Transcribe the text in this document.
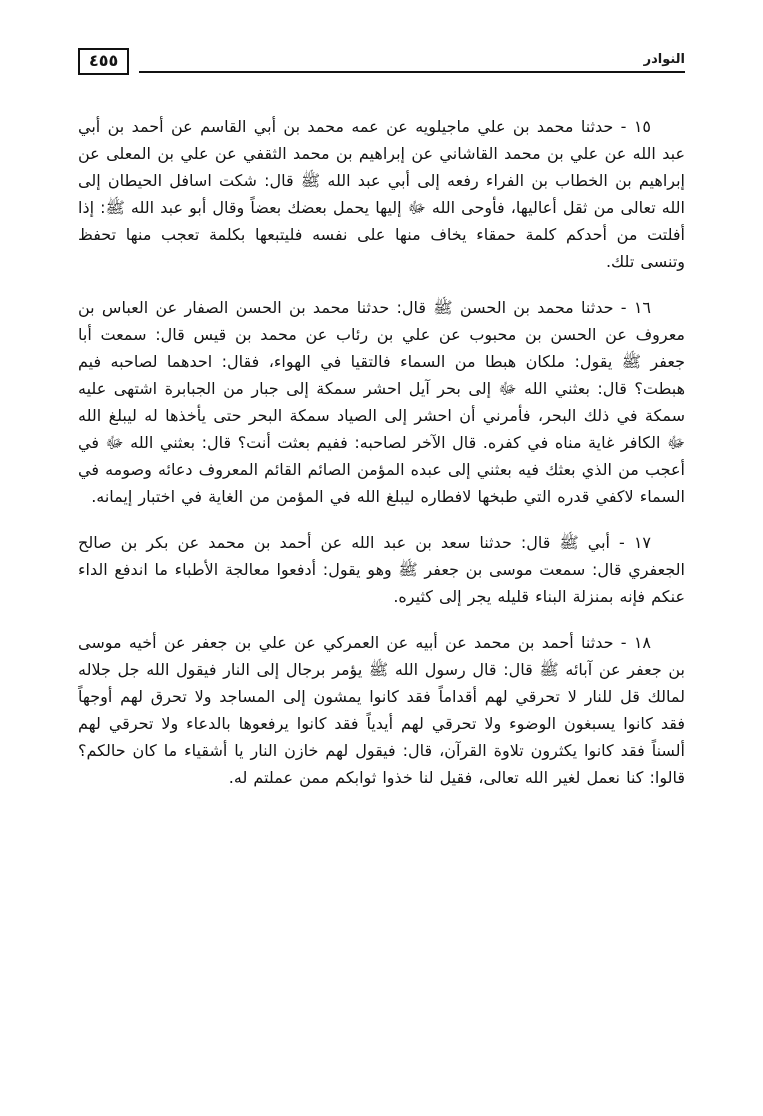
النوادر
٤٥٥

١٥ - حدثنا محمد بن علي ماجيلويه عن عمه محمد بن أبي القاسم عن أحمد بن أبي عبد الله عن علي بن محمد القاشاني عن إبراهيم بن محمد الثقفي عن علي بن المعلى عن إبراهيم بن الخطاب بن الفراء رفعه إلى أبي عبد الله ﷺ قال: شكت اسافل الحيطان إلى الله تعالى من ثقل أعاليها، فأوحى الله ﷻ إليها يحمل بعضك بعضاً وقال أبو عبد الله ﷺ: إذا أفلتت من أحدكم كلمة حمقاء يخاف منها على نفسه فليتبعها بكلمة تعجب منها تحفظ وتنسى تلك.

١٦ - حدثنا محمد بن الحسن ﷺ قال: حدثنا محمد بن الحسن الصفار عن العباس بن معروف عن الحسن بن محبوب عن علي بن رئاب عن محمد بن قيس قال: سمعت أبا جعفر ﷺ يقول: ملكان هبطا من السماء فالتقيا في الهواء، فقال: احدهما لصاحبه فيم هبطت؟ قال: بعثني الله ﷻ إلى بحر آيل احشر سمكة إلى جبار من الجبابرة اشتهى عليه سمكة في ذلك البحر، فأمرني أن احشر إلى الصياد سمكة البحر حتى يأخذها له ليبلغ الله ﷻ الكافر غاية مناه في كفره. قال الآخر لصاحبه: ففيم بعثت أنت؟ قال: بعثني الله ﷻ في أعجب من الذي بعثك فيه بعثني إلى عبده المؤمن الصائم القائم المعروف دعائه وصومه في السماء لاكفي قدره التي طبخها لافطاره ليبلغ الله في المؤمن من الغاية في اختبار إيمانه.

١٧ - أبي ﷺ قال: حدثنا سعد بن عبد الله عن أحمد بن محمد عن بكر بن صالح الجعفري قال: سمعت موسى بن جعفر ﷺ وهو يقول: أدفعوا معالجة الأطباء ما اندفع الداء عنكم فإنه بمنزلة البناء قليله يجر إلى كثيره.

١٨ - حدثنا أحمد بن محمد عن أبيه عن العمركي عن علي بن جعفر عن أخيه موسى بن جعفر عن آبائه ﷺ قال: قال رسول الله ﷺ يؤمر برجال إلى النار فيقول الله جل جلاله لمالك قل للنار لا تحرقي لهم أقداماً فقد كانوا يمشون إلى المساجد ولا تحرق لهم أوجهاً فقد كانوا يسبغون الوضوء ولا تحرقي لهم أيدياً فقد كانوا يرفعوها بالدعاء ولا تحرقي لهم ألسناً فقد كانوا يكثرون تلاوة القرآن، قال: فيقول لهم خازن النار يا أشقياء ما كان حالكم؟ قالوا: كنا نعمل لغير الله تعالى، فقيل لنا خذوا ثوابكم ممن عملتم له.
